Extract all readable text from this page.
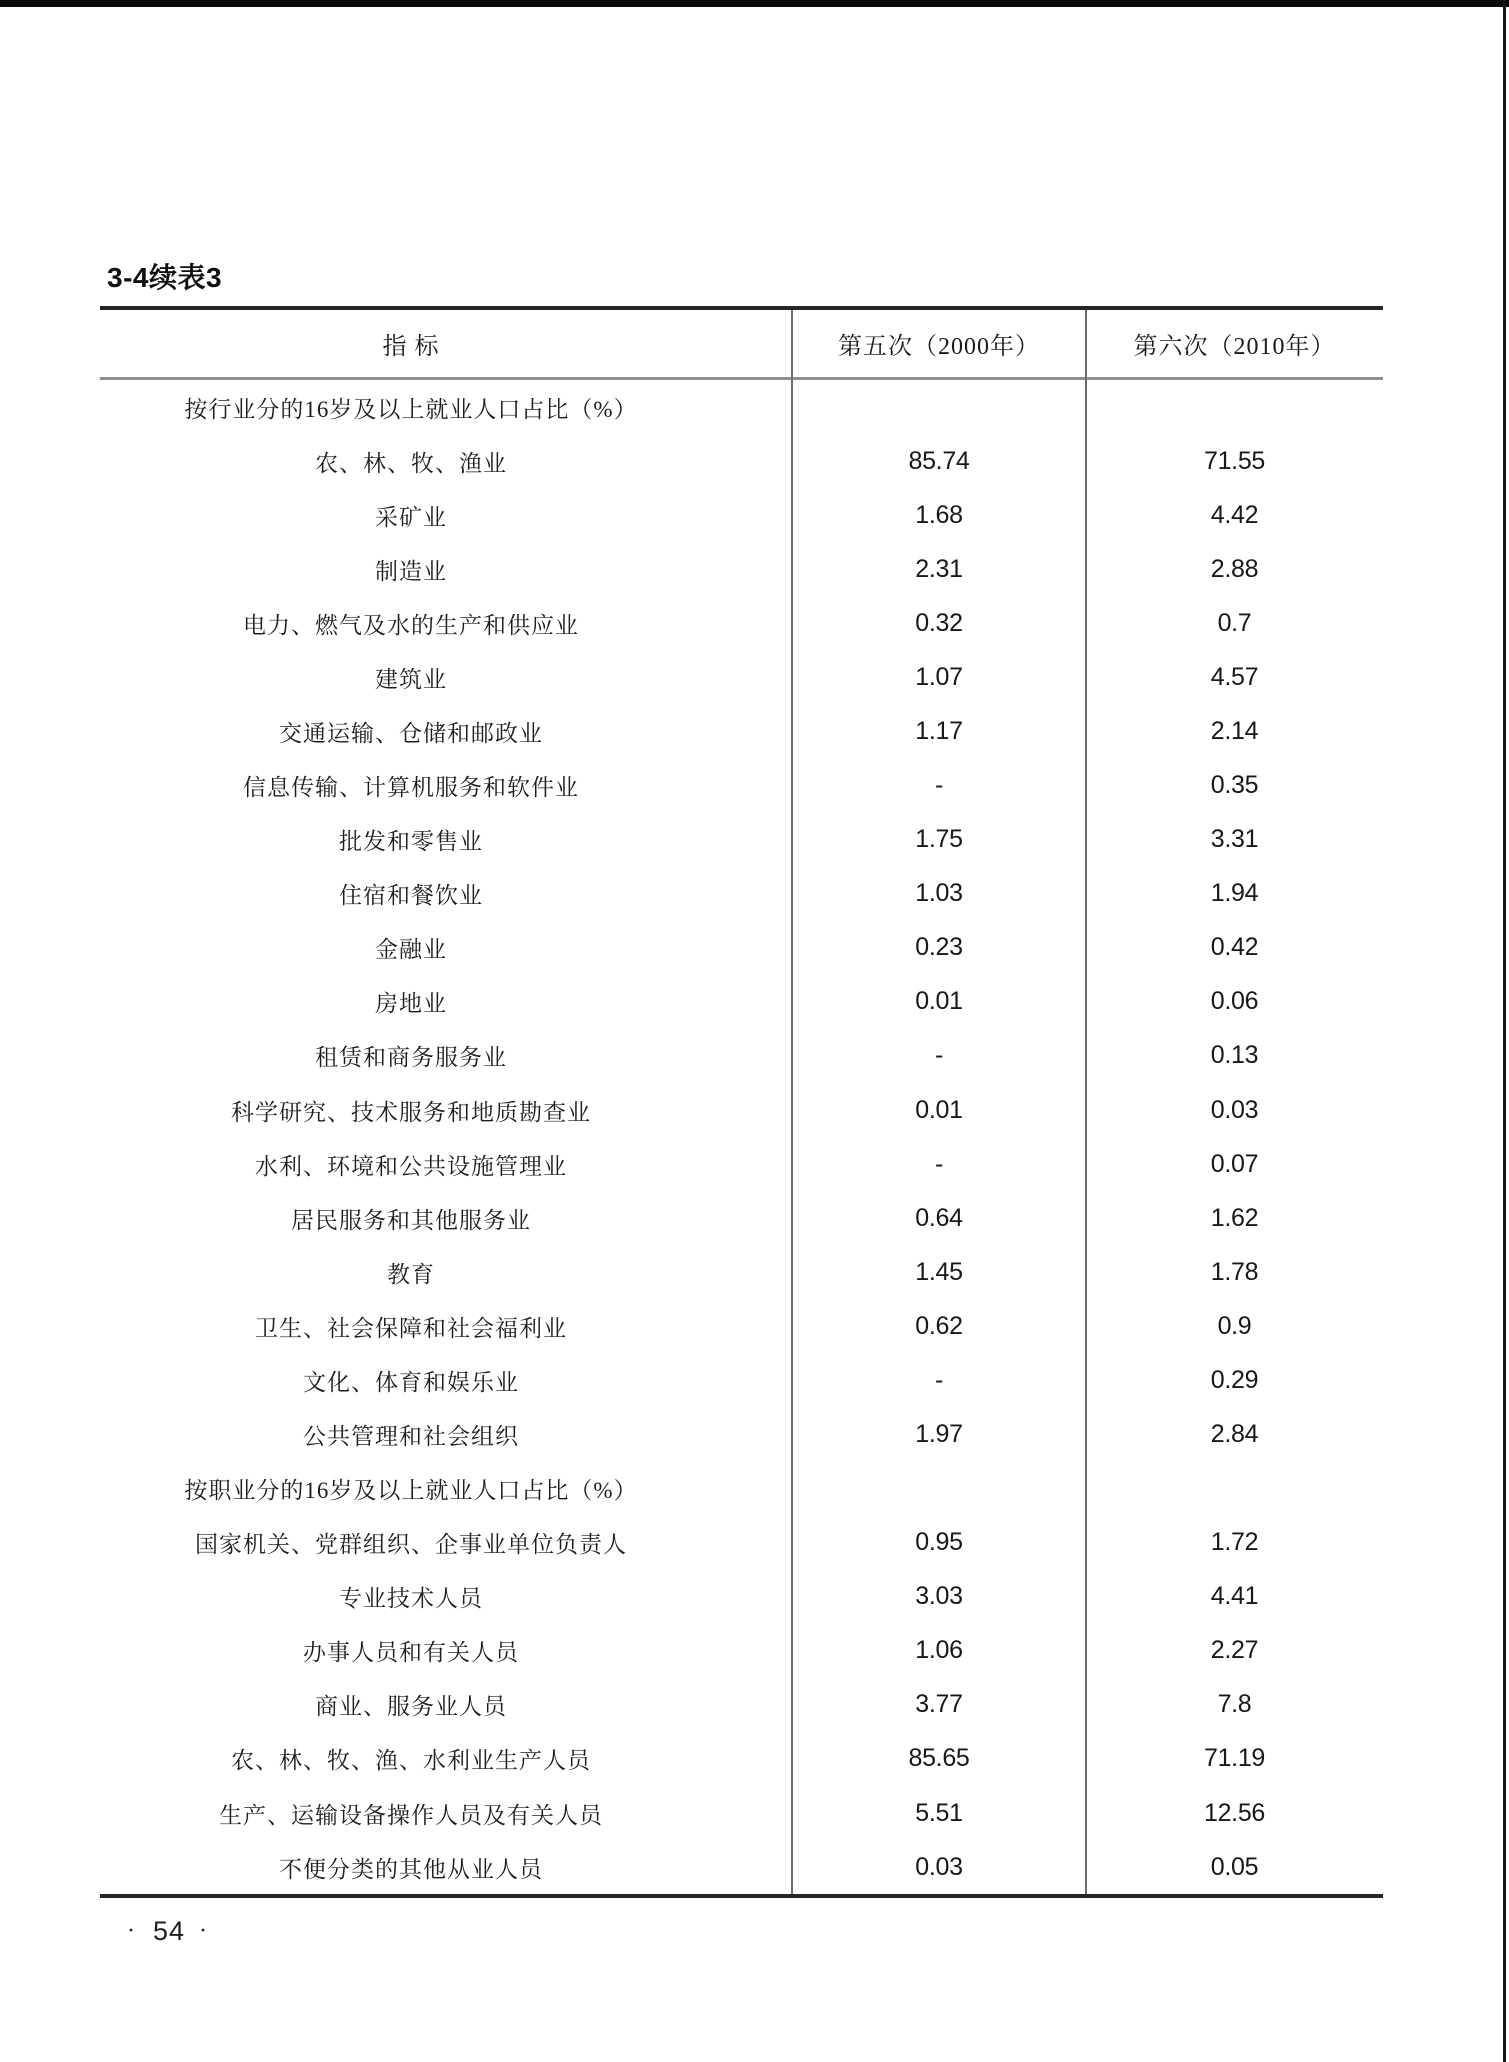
3-4续表3
指 标	第五次（2000年）	第六次（2010年）
按行业分的16岁及以上就业人口占比（%）
农、林、牧、渔业	85.74	71.55
采矿业	1.68	4.42
制造业	2.31	2.88
电力、燃气及水的生产和供应业	0.32	0.7
建筑业	1.07	4.57
交通运输、仓储和邮政业	1.17	2.14
信息传输、计算机服务和软件业	-	0.35
批发和零售业	1.75	3.31
住宿和餐饮业	1.03	1.94
金融业	0.23	0.42
房地业	0.01	0.06
租赁和商务服务业	-	0.13
科学研究、技术服务和地质勘查业	0.01	0.03
水利、环境和公共设施管理业	-	0.07
居民服务和其他服务业	0.64	1.62
教育	1.45	1.78
卫生、社会保障和社会福利业	0.62	0.9
文化、体育和娱乐业	-	0.29
公共管理和社会组织	1.97	2.84
按职业分的16岁及以上就业人口占比（%）
国家机关、党群组织、企事业单位负责人	0.95	1.72
专业技术人员	3.03	4.41
办事人员和有关人员	1.06	2.27
商业、服务业人员	3.77	7.8
农、林、牧、渔、水利业生产人员	85.65	71.19
生产、运输设备操作人员及有关人员	5.51	12.56
不便分类的其他从业人员	0.03	0.05
· 54 ·
